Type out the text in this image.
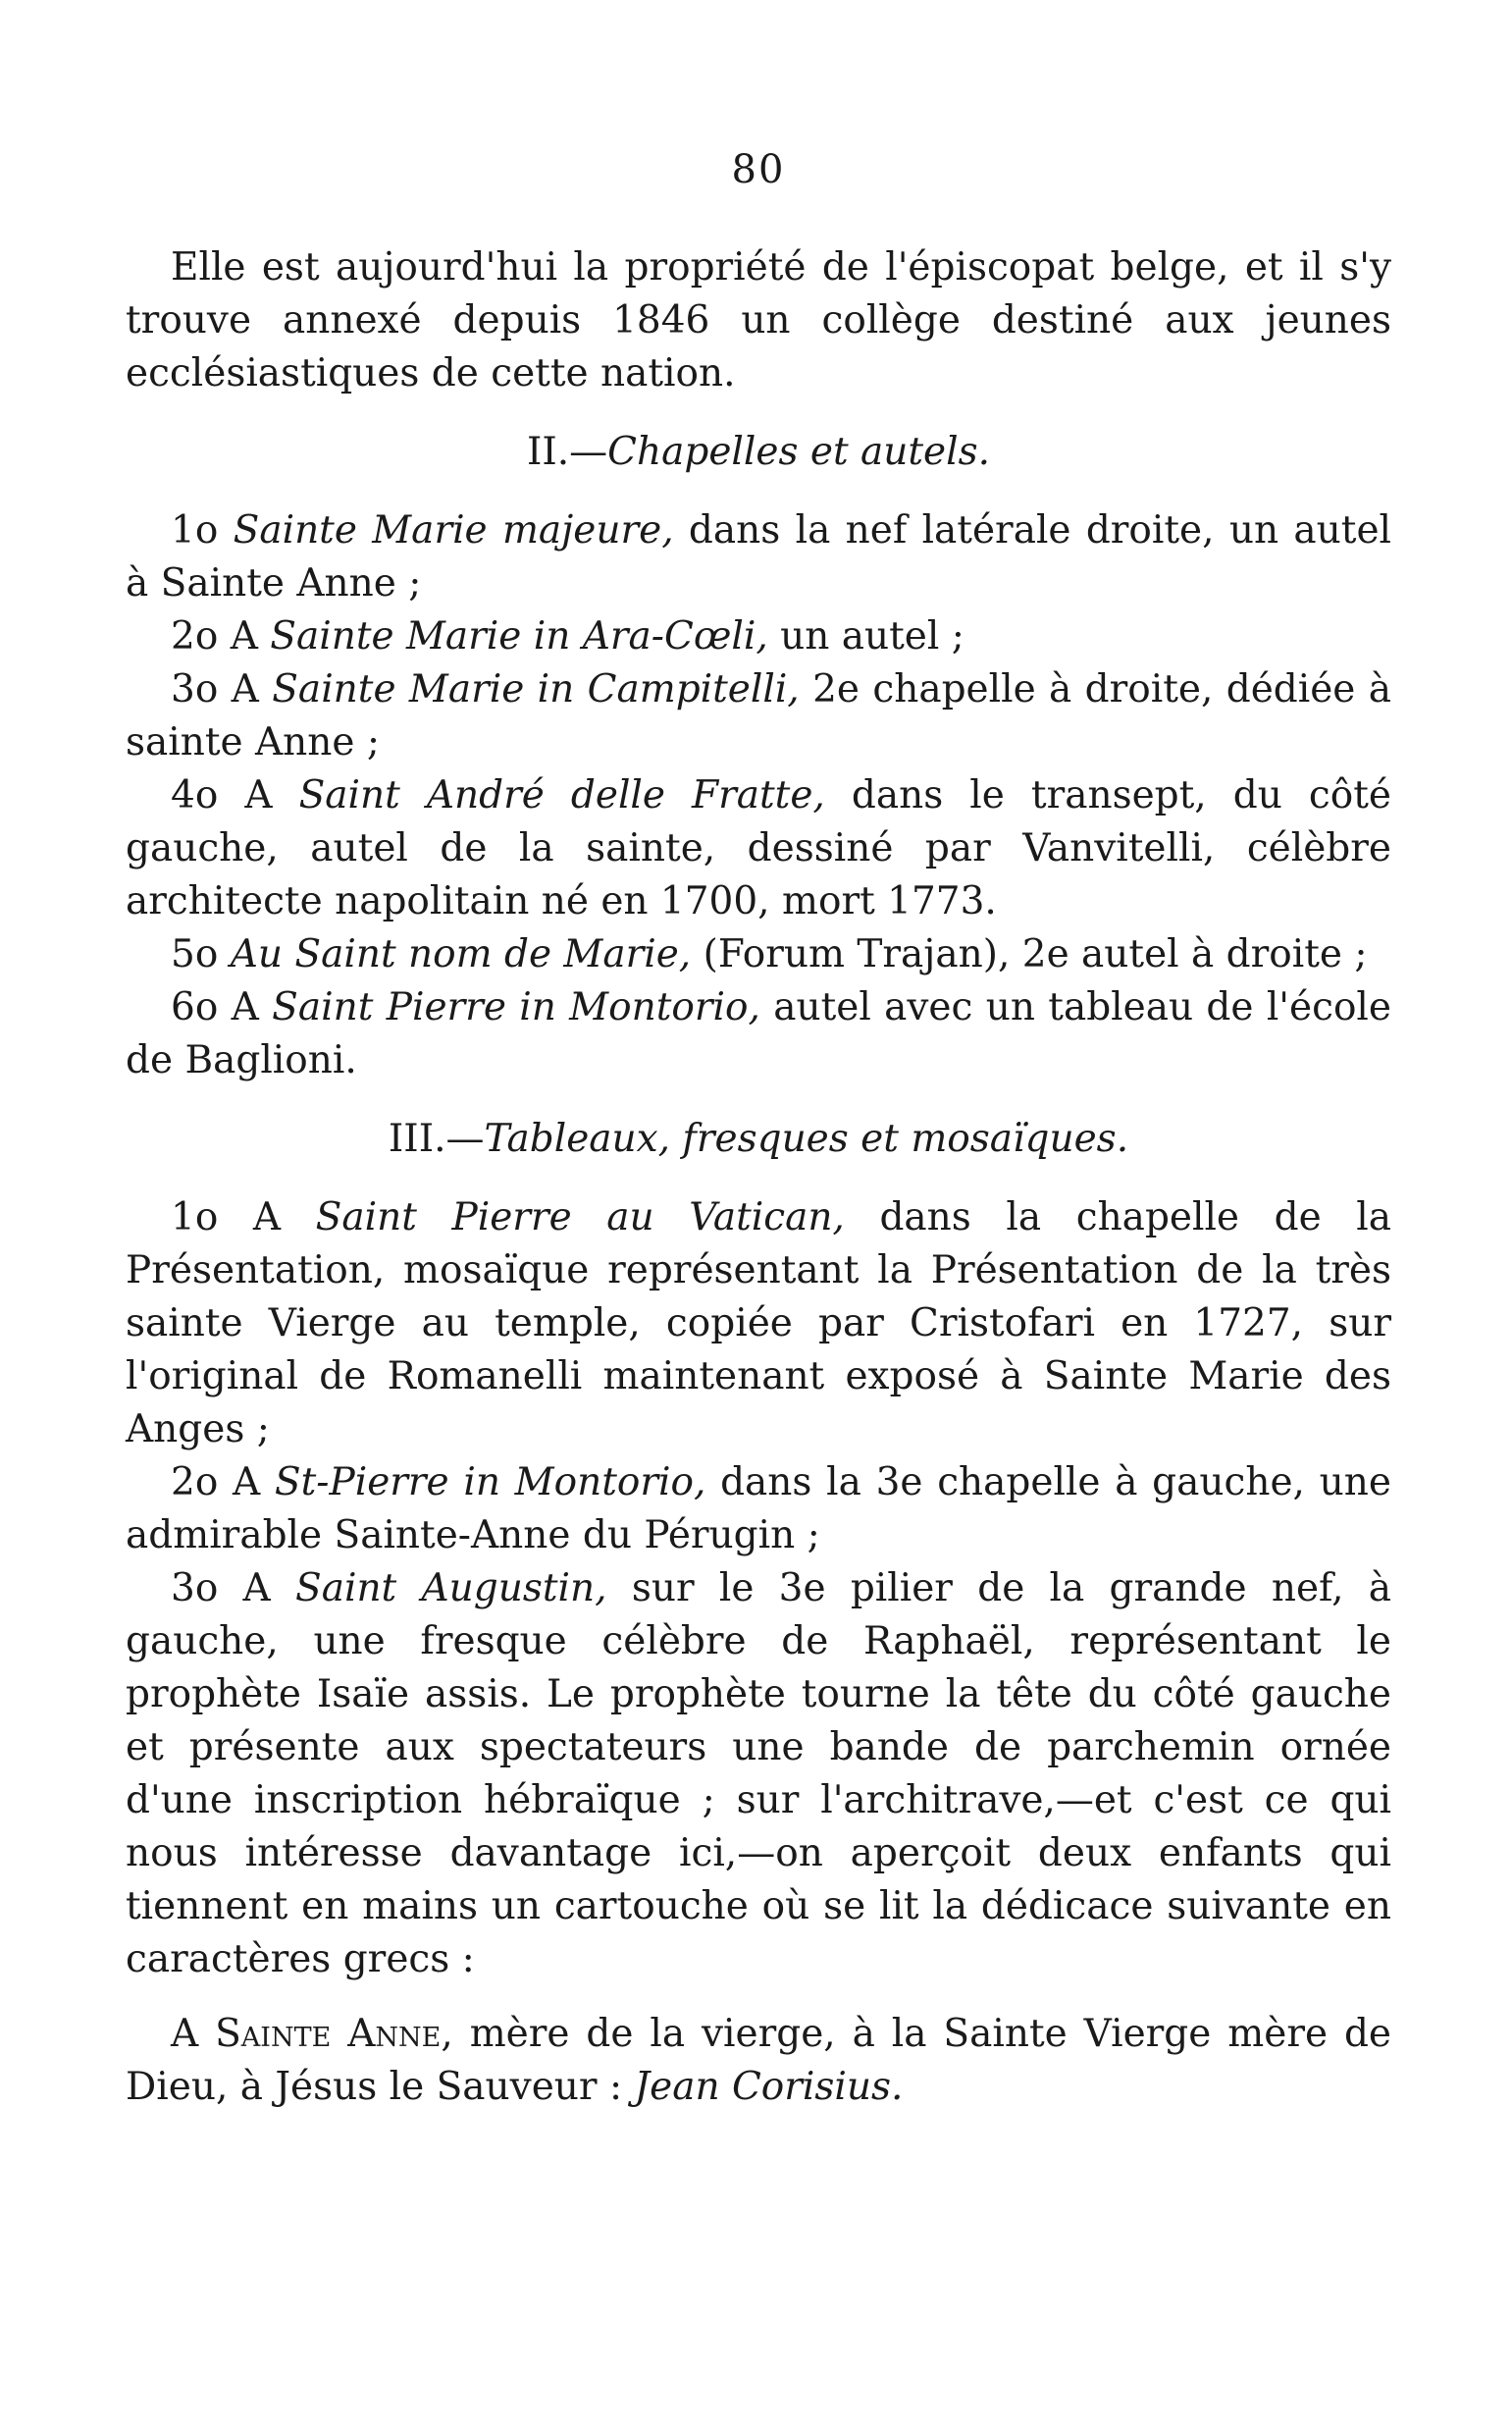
80

Elle est aujourd'hui la propriété de l'épiscopat belge, et il s'y trouve annexé depuis 1846 un collège destiné aux jeunes ecclésiastiques de cette nation.

II.—Chapelles et autels.

1o Sainte Marie majeure, dans la nef latérale droite, un autel à Sainte Anne ;

2o A Sainte Marie in Ara-Cœli, un autel ;

3o A Sainte Marie in Campitelli, 2e chapelle à droite, dédiée à sainte Anne ;

4o A Saint André delle Fratte, dans le transept, du côté gauche, autel de la sainte, dessiné par Vanvitelli, célèbre architecte napolitain né en 1700, mort 1773.

5o Au Saint nom de Marie, (Forum Trajan), 2e autel à droite ;

6o A Saint Pierre in Montorio, autel avec un tableau de l'école de Baglioni.

III.—Tableaux, fresques et mosaïques.

1o A Saint Pierre au Vatican, dans la chapelle de la Présentation, mosaïque représentant la Présentation de la très sainte Vierge au temple, copiée par Cristofari en 1727, sur l'original de Romanelli maintenant exposé à Sainte Marie des Anges ;

2o A St-Pierre in Montorio, dans la 3e chapelle à gauche, une admirable Sainte-Anne du Pérugin ;

3o A Saint Augustin, sur le 3e pilier de la grande nef, à gauche, une fresque célèbre de Raphaël, représentant le prophète Isaïe assis. Le prophète tourne la tête du côté gauche et présente aux spectateurs une bande de parchemin ornée d'une inscription hébraïque ; sur l'architrave,—et c'est ce qui nous intéresse davantage ici,—on aperçoit deux enfants qui tiennent en mains un cartouche où se lit la dédicace suivante en caractères grecs :

A Sainte Anne, mère de la vierge, à la Sainte Vierge mère de Dieu, à Jésus le Sauveur : Jean Corisius.
